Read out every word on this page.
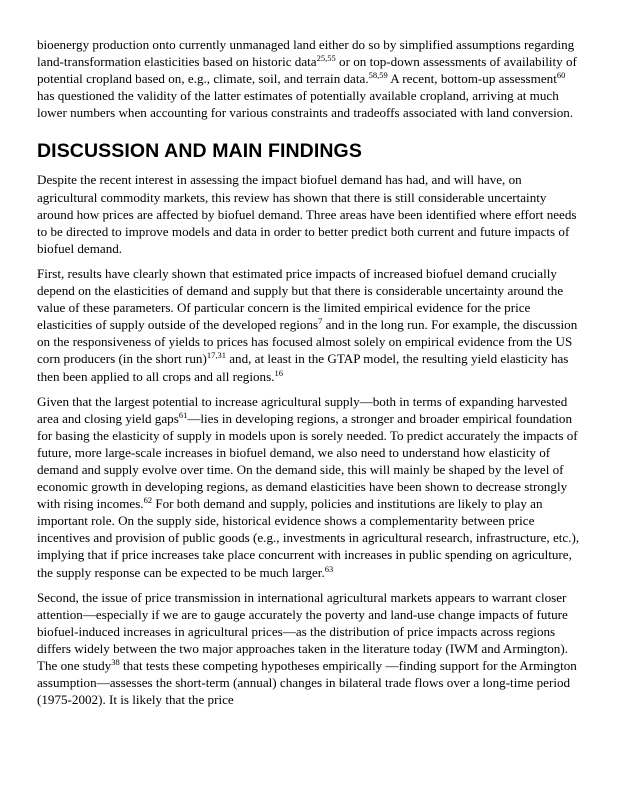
bioenergy production onto currently unmanaged land either do so by simplified assumptions regarding land-transformation elasticities based on historic data$^{25,55}$ or on top-down assessments of availability of potential cropland based on, e.g., climate, soil, and terrain data.$^{58,59}$ A recent, bottom-up assessment$^{60}$ has questioned the validity of the latter estimates of potentially available cropland, arriving at much lower numbers when accounting for various constraints and tradeoffs associated with land conversion.

DISCUSSION AND MAIN FINDINGS

Despite the recent interest in assessing the impact biofuel demand has had, and will have, on agricultural commodity markets, this review has shown that there is still considerable uncertainty around how prices are affected by biofuel demand. Three areas have been identified where effort needs to be directed to improve models and data in order to better predict both current and future impacts of biofuel demand.

First, results have clearly shown that estimated price impacts of increased biofuel demand crucially depend on the elasticities of demand and supply but that there is considerable uncertainty around the value of these parameters. Of particular concern is the limited empirical evidence for the price elasticities of supply outside of the developed regions$^7$ and in the long run. For example, the discussion on the responsiveness of yields to prices has focused almost solely on empirical evidence from the US corn producers (in the short run)$^{17,31}$ and, at least in the GTAP model, the resulting yield elasticity has then been applied to all crops and all regions.$^{16}$

Given that the largest potential to increase agricultural supply—both in terms of expanding harvested area and closing yield gaps$^{61}$—lies in developing regions, a stronger and broader empirical foundation for basing the elasticity of supply in models upon is sorely needed. To predict accurately the impacts of future, more large-scale increases in biofuel demand, we also need to understand how elasticity of demand and supply evolve over time. On the demand side, this will mainly be shaped by the level of economic growth in developing regions, as demand elasticities have been shown to decrease strongly with rising incomes.$^{62}$ For both demand and supply, policies and institutions are likely to play an important role. On the supply side, historical evidence shows a complementarity between price incentives and provision of public goods (e.g., investments in agricultural research, infrastructure, etc.), implying that if price increases take place concurrent with increases in public spending on agriculture, the supply response can be expected to be much larger.$^{63}$

Second, the issue of price transmission in international agricultural markets appears to warrant closer attention—especially if we are to gauge accurately the poverty and land-use change impacts of future biofuel-induced increases in agricultural prices—as the distribution of price impacts across regions differs widely between the two major approaches taken in the literature today (IWM and Armington). The one study$^{38}$ that tests these competing hypotheses empirically —finding support for the Armington assumption—assesses the short-term (annual) changes in bilateral trade flows over a long-time period (1975-2002). It is likely that the price
